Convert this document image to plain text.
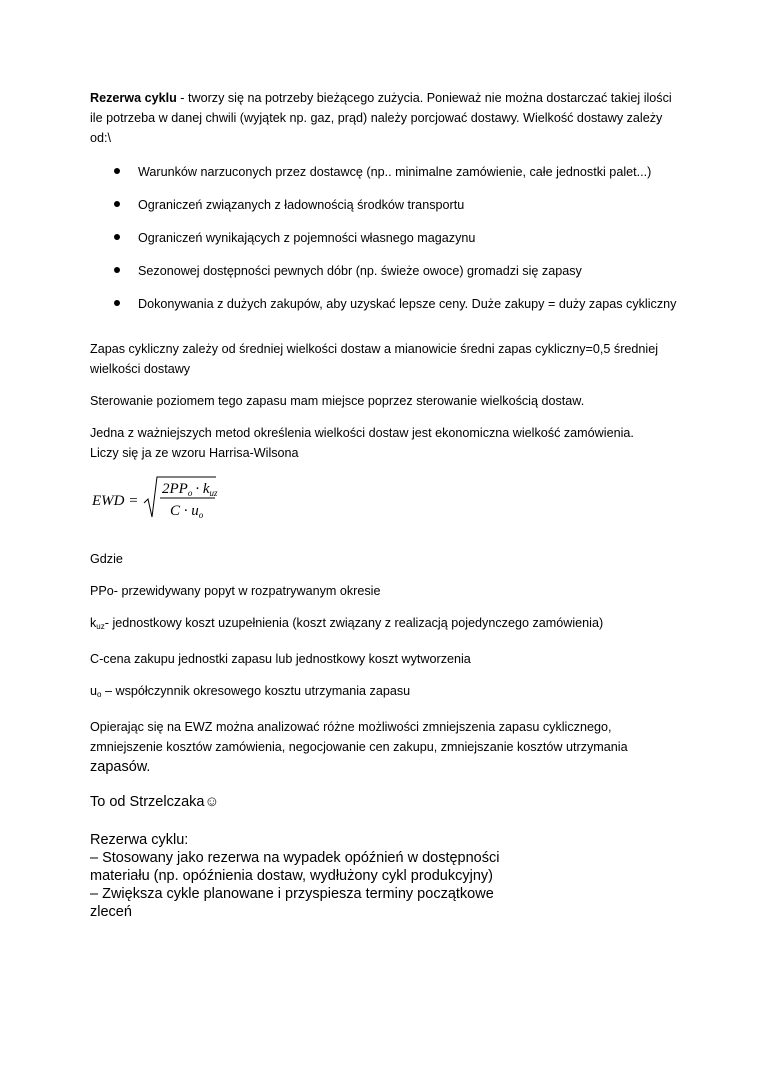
Rezerwa cyklu - tworzy się na potrzeby bieżącego zużycia. Ponieważ nie można dostarczać takiej ilości ile potrzeba w danej chwili (wyjątek np. gaz, prąd) należy porcjować dostawy. Wielkość dostawy zależy od:\

Warunków narzuconych przez dostawcę (np.. minimalne zamówienie, całe jednostki palet...)
Ograniczeń związanych z ładownością środków transportu
Ograniczeń wynikających z pojemności własnego magazynu
Sezonowej dostępności pewnych dóbr (np. świeże owoce) gromadzi się zapasy
Dokonywania z dużych zakupów, aby uzyskać lepsze ceny. Duże zakupy = duży zapas cykliczny

Zapas cykliczny zależy od średniej wielkości dostaw a mianowicie średni zapas cykliczny=0,5 średniej wielkości dostawy

Sterowanie poziomem tego zapasu mam miejsce poprzez sterowanie wielkością dostaw.

Jedna z ważniejszych metod określenia wielkości dostaw jest ekonomiczna wielkość zamówienia.
Liczy się ja ze wzoru Harrisa-Wilsona

EWD =
$2PP_o \cdot k_{uz}$
$C \cdot u_o$

Gdzie

PPo- przewidywany popyt w rozpatrywanym okresie

$k_{uz}-$ jednostkowy koszt uzupełnienia (koszt związany z realizacją pojedynczego zamówienia)

C-cena zakupu jednostki zapasu lub jednostkowy koszt wytworzenia

$u_o$ – współczynnik okresowego kosztu utrzymania zapasu

Opierając się na EWZ można analizować różne możliwości zmniejszenia zapasu cyklicznego, zmniejszenie kosztów zamówienia, negocjowanie cen zakupu, zmniejszanie kosztów utrzymania zapasów.

To od Strzelczaka☺

Rezerwa cyklu:
– Stosowany jako rezerwa na wypadek opóźnień w dostępności
materiału (np. opóźnienia dostaw, wydłużony cykl produkcyjny)
– Zwiększa cykle planowane i przyspiesza terminy początkowe
zleceń
